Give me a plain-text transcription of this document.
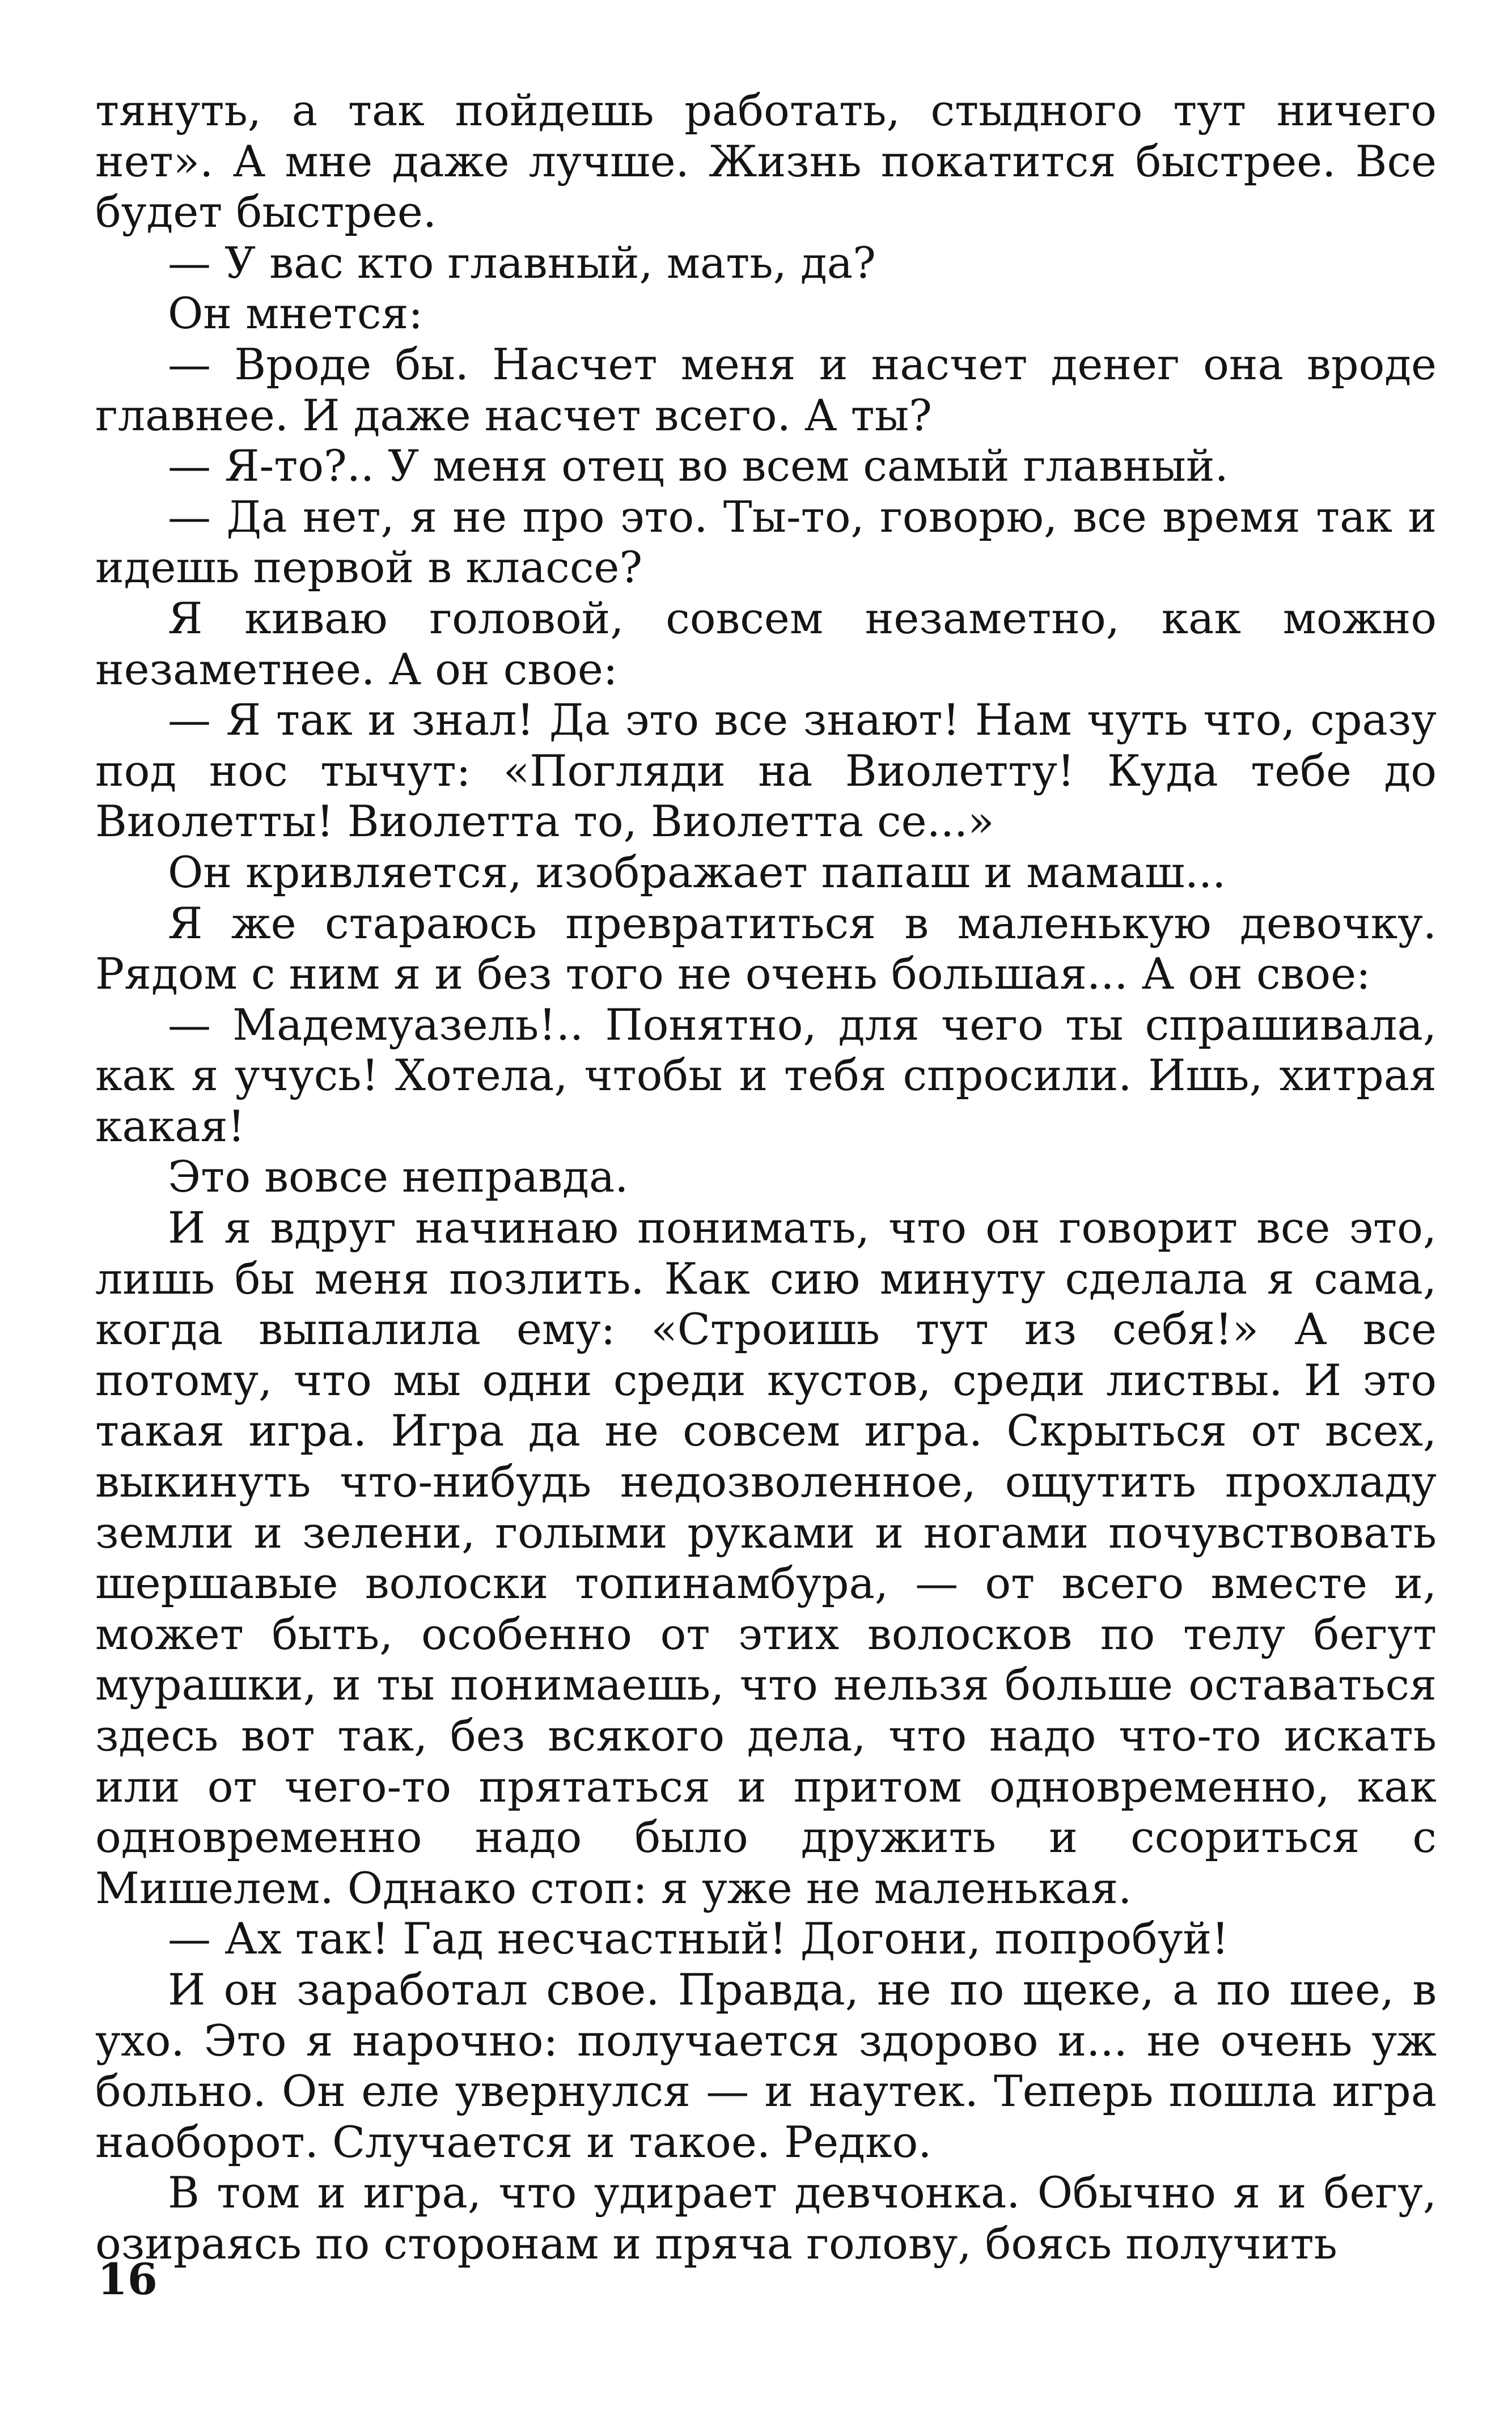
тянуть, а так пойдешь работать, стыдного тут ничего нет». А мне даже лучше. Жизнь покатится быстрее. Все будет быстрее.

— У вас кто главный, мать, да?

Он мнется:

— Вроде бы. Насчет меня и насчет денег она вроде главнее. И даже насчет всего. А ты?

— Я-то?.. У меня отец во всем самый главный.

— Да нет, я не про это. Ты-то, говорю, все время так и идешь первой в классе?

Я киваю головой, совсем незаметно, как можно незаметнее. А он свое:

— Я так и знал! Да это все знают! Нам чуть что, сразу под нос тычут: «Погляди на Виолетту! Куда тебе до Виолетты! Виолетта то, Виолетта се...»

Он кривляется, изображает папаш и мамаш...

Я же стараюсь превратиться в маленькую девочку. Рядом с ним я и без того не очень большая... А он свое:

— Мадемуазель!.. Понятно, для чего ты спрашивала, как я учусь! Хотела, чтобы и тебя спросили. Ишь, хитрая какая!

Это вовсе неправда.

И я вдруг начинаю понимать, что он говорит все это, лишь бы меня позлить. Как сию минуту сделала я сама, когда выпалила ему: «Строишь тут из себя!» А все потому, что мы одни среди кустов, среди листвы. И это такая игра. Игра да не совсем игра. Скрыться от всех, выкинуть что-нибудь недозволенное, ощутить прохладу земли и зелени, голыми руками и ногами почувствовать шершавые волоски топинамбура, — от всего вместе и, может быть, особенно от этих волосков по телу бегут мурашки, и ты понимаешь, что нельзя больше оставаться здесь вот так, без всякого дела, что надо что-то искать или от чего-то прятаться и притом одновременно, как одновременно надо было дружить и ссориться с Мишелем. Однако стоп: я уже не маленькая.

— Ах так! Гад несчастный! Догони, попробуй!

И он заработал свое. Правда, не по щеке, а по шее, в ухо. Это я нарочно: получается здорово и... не очень уж больно. Он еле увернулся — и наутек. Теперь пошла игра наоборот. Случается и такое. Редко.

В том и игра, что удирает девчонка. Обычно я и бегу, озираясь по сторонам и пряча голову, боясь получить

16
